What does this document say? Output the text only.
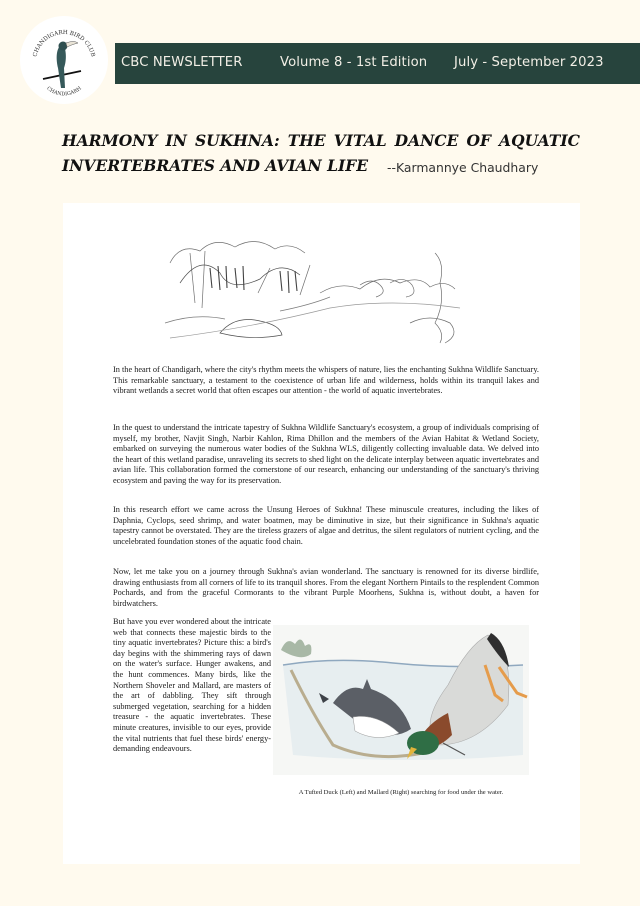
CHANDIGARH BIRD CLUB
CHANDIGARH
CBC NEWSLETTER	Volume 8 - 1st Edition July - September 2023
HARMONY IN SUKHNA: THE VITAL DANCE OF AQUATIC
INVERTEBRATES AND AVIAN LIFE	--Karmannye Chaudhary
In the heart of Chandigarh, where the city's rhythm meets the whispers of nature, lies the enchanting Sukhna Wildlife Sanctuary. This remarkable sanctuary, a testament to the coexistence of urban life and wilderness, holds within its tranquil lakes and vibrant wetlands a secret world that often escapes our attention - the world of aquatic invertebrates.
In the quest to understand the intricate tapestry of Sukhna Wildlife Sanctuary's ecosystem, a group of individuals comprising of myself, my brother, Navjit Singh, Narbir Kahlon, Rima Dhillon and the members of the Avian Habitat & Wetland Society, embarked on surveying the numerous water bodies of the Sukhna WLS, diligently collecting invaluable data. We delved into the heart of this wetland paradise, unraveling its secrets to shed light on the delicate interplay between aquatic invertebrates and avian life. This collaboration formed the cornerstone of our research, enhancing our understanding of the sanctuary's thriving ecosystem and paving the way for its preservation.
In this research effort we came across the Unsung Heroes of Sukhna! These minuscule creatures, including the likes of Daphnia, Cyclops, seed shrimp, and water boatmen, may be diminutive in size, but their significance in Sukhna's aquatic tapestry cannot be overstated. They are the tireless grazers of algae and detritus, the silent regulators of nutrient cycling, and the uncelebrated foundation stones of the aquatic food chain.
Now, let me take you on a journey through Sukhna's avian wonderland. The sanctuary is renowned for its diverse birdlife, drawing enthusiasts from all corners of life to its tranquil shores. From the elegant Northern Pintails to the resplendent Common Pochards, and from the graceful Cormorants to the vibrant Purple Moorhens, Sukhna is, without doubt, a haven for birdwatchers.
But have you ever wondered about the intricate web that connects these majestic birds to the tiny aquatic invertebrates? Picture this: a bird's day begins with the shimmering rays of dawn on the water's surface. Hunger awakens, and the hunt commences. Many birds, like the Northern Shoveler and Mallard, are masters of the art of dabbling. They sift through submerged vegetation, searching for a hidden treasure - the aquatic invertebrates. These minute creatures, invisible to our eyes, provide the vital nutrients that fuel these birds' energy-demanding endeavours.
A Tufted Duck (Left) and Mallard (Right) searching for food under the water.
